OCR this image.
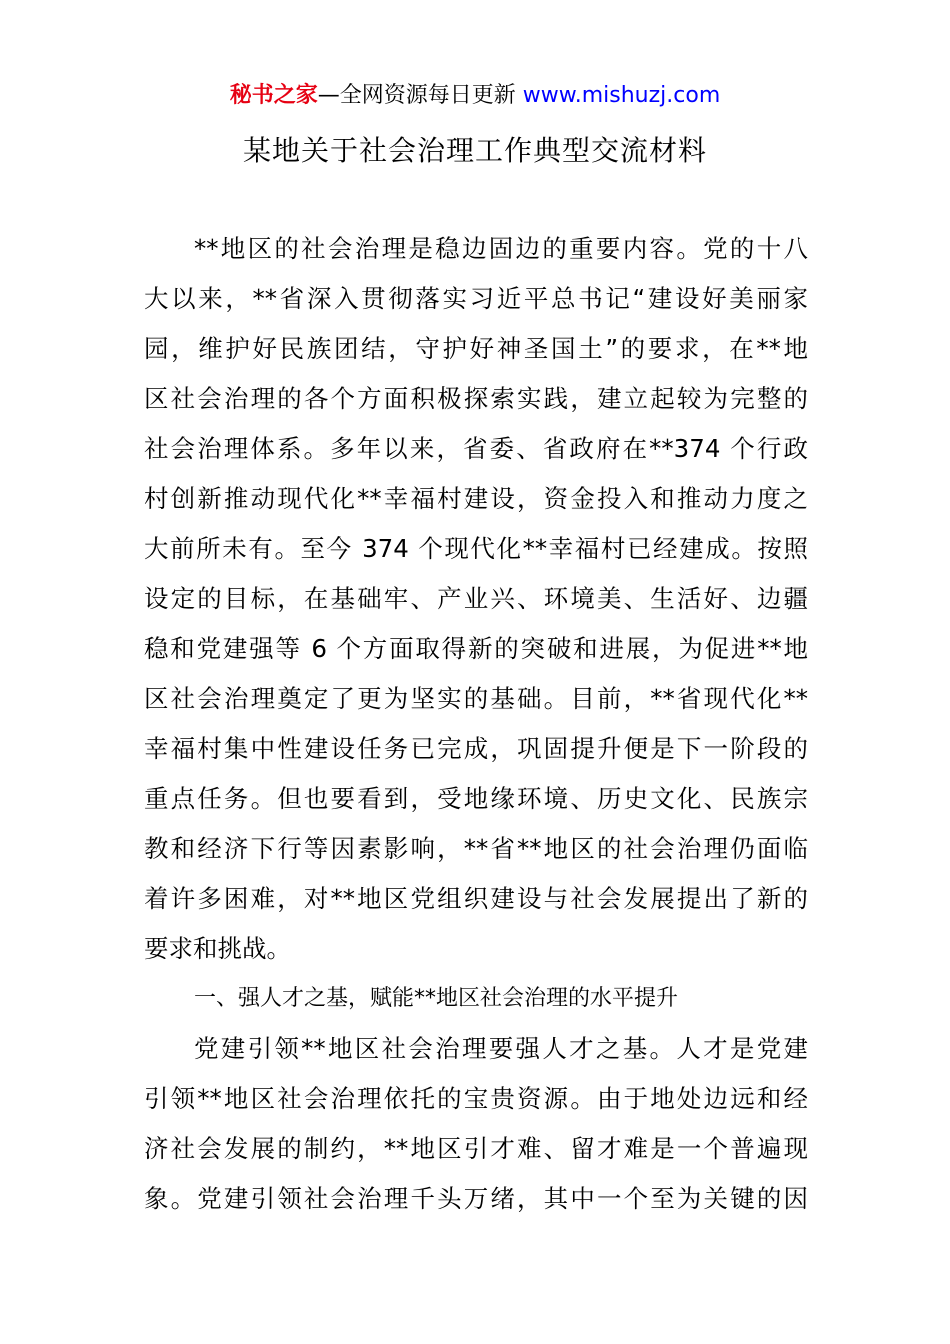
秘书之家—全网资源每日更新 www.mishuzj.com
某地关于社会治理工作典型交流材料
**地区的社会治理是稳边固边的重要内容。党的十八
大以来，**省深入贯彻落实习近平总书记“建设好美丽家
园，维护好民族团结，守护好神圣国土”的要求，在**地
区社会治理的各个方面积极探索实践，建立起较为完整的
社会治理体系。多年以来，省委、省政府在**374 个行政
村创新推动现代化**幸福村建设，资金投入和推动力度之
大前所未有。至今 374 个现代化**幸福村已经建成。按照
设定的目标，在基础牢、产业兴、环境美、生活好、边疆
稳和党建强等 6 个方面取得新的突破和进展，为促进**地
区社会治理奠定了更为坚实的基础。目前，**省现代化**
幸福村集中性建设任务已完成，巩固提升便是下一阶段的
重点任务。但也要看到，受地缘环境、历史文化、民族宗
教和经济下行等因素影响，**省**地区的社会治理仍面临
着许多困难，对**地区党组织建设与社会发展提出了新的
要求和挑战。
一、强人才之基，赋能**地区社会治理的水平提升
党建引领**地区社会治理要强人才之基。人才是党建
引领**地区社会治理依托的宝贵资源。由于地处边远和经
济社会发展的制约，**地区引才难、留才难是一个普遍现
象。党建引领社会治理千头万绪，其中一个至为关键的因
